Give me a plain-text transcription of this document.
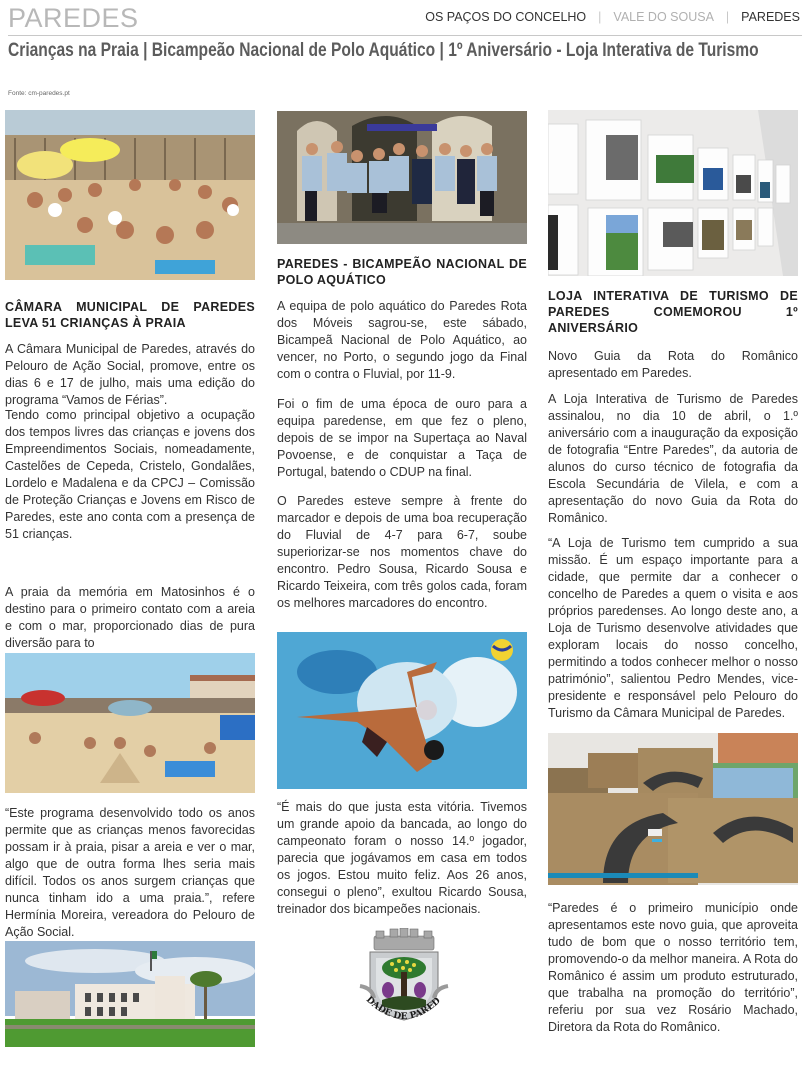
PAREDES	OS PAÇOS DO CONCELHO | VALE DO SOUSA | PAREDES
Crianças na Praia | Bicampeão Nacional de Polo Aquático | 1º Aniversário - Loja Interativa de Turismo
Fonte: cm-paredes.pt
CÂMARA MUNICIPAL DE PAREDES LEVA 51 CRIANÇAS À PRAIA
A Câmara Municipal de Paredes, através do Pelouro de Ação Social, promove, entre os dias 6 e 17 de julho, mais uma edição do programa “Vamos de Férias”.
Tendo como principal objetivo a ocupação dos tempos livres das crianças e jovens dos Empreendimentos Sociais, nomeadamente, Castelões de Cepeda, Cristelo, Gondalães, Lordelo e Madalena e da CPCJ – Comissão de Proteção Crianças e Jovens em Risco de Paredes, este ano conta com a presença de 51 crianças.
A praia da memória em Matosinhos é o destino para o primeiro contato com a areia e com o mar, proporcionado dias de pura diversão para to
“Este programa desenvolvido todo os anos permite que as crianças menos favorecidas possam ir à praia, pisar a areia e ver o mar, algo que de outra forma lhes seria mais difícil. Todos os anos surgem crianças que nunca tinham ido a uma praia.”, refere Hermínia Moreira, vereadora do Pelouro de Ação Social.
PAREDES - BICAMPEÃO NACIONAL DE POLO AQUÁTICO
A equipa de polo aquático do Paredes Rota dos Móveis sagrou-se, este sábado, Bicampeã Nacional de Polo Aquático, ao vencer, no Porto, o segundo jogo da Final com o contra o Fluvial, por 11-9.
Foi o fim de uma época de ouro para a equipa paredense, em que fez o pleno, depois de se impor na Supertaça ao Naval Povoense, e de conquistar a Taça de Portugal, batendo o CDUP na final.
O Paredes esteve sempre à frente do marcador e depois de uma boa recuperação do Fluvial de 4-7 para 6-7, soube superiorizar-se nos momentos chave do encontro. Pedro Sousa, Ricardo Sousa e Ricardo Teixeira, com três golos cada, foram os melhores marcadores do encontro.
“É mais do que justa esta vitória. Tivemos um grande apoio da bancada, ao longo do campeonato foram o nosso 14.º jogador, parecia que jogávamos em casa em todos os jogos. Estou muito feliz. Aos 26 anos, consegui o pleno”, exultou Ricardo Sousa, treinador dos bicampeões nacionais.
DADE DE PARED
LOJA INTERATIVA DE TURISMO DE PAREDES COMEMOROU 1º ANIVERSÁRIO
Novo Guia da Rota do Românico apresentado em Paredes.
A Loja Interativa de Turismo de Paredes assinalou, no dia 10 de abril, o 1.º aniversário com a inauguração da exposição de fotografia “Entre Paredes”, da autoria de alunos do curso técnico de fotografia da Escola Secundária de Vilela, e com a apresentação do novo Guia da Rota do Românico.
“A Loja de Turismo tem cumprido a sua missão. É um espaço importante para a cidade, que permite dar a conhecer o concelho de Paredes a quem o visita e aos próprios paredenses. Ao longo deste ano, a Loja de Turismo desenvolve atividades que exploram locais do nosso concelho, permitindo a todos conhecer melhor o nosso património”, salientou Pedro Mendes, vice-presidente e responsável pelo Pelouro do Turismo da Câmara Municipal de Paredes.
“Paredes é o primeiro município onde apresentamos este novo guia, que aproveita tudo de bom que o nosso território tem, promovendo-o da melhor maneira. A Rota do Românico é assim um produto estruturado, que trabalha na promoção do território”, referiu por sua vez Rosário Machado, Diretora da Rota do Românico.
